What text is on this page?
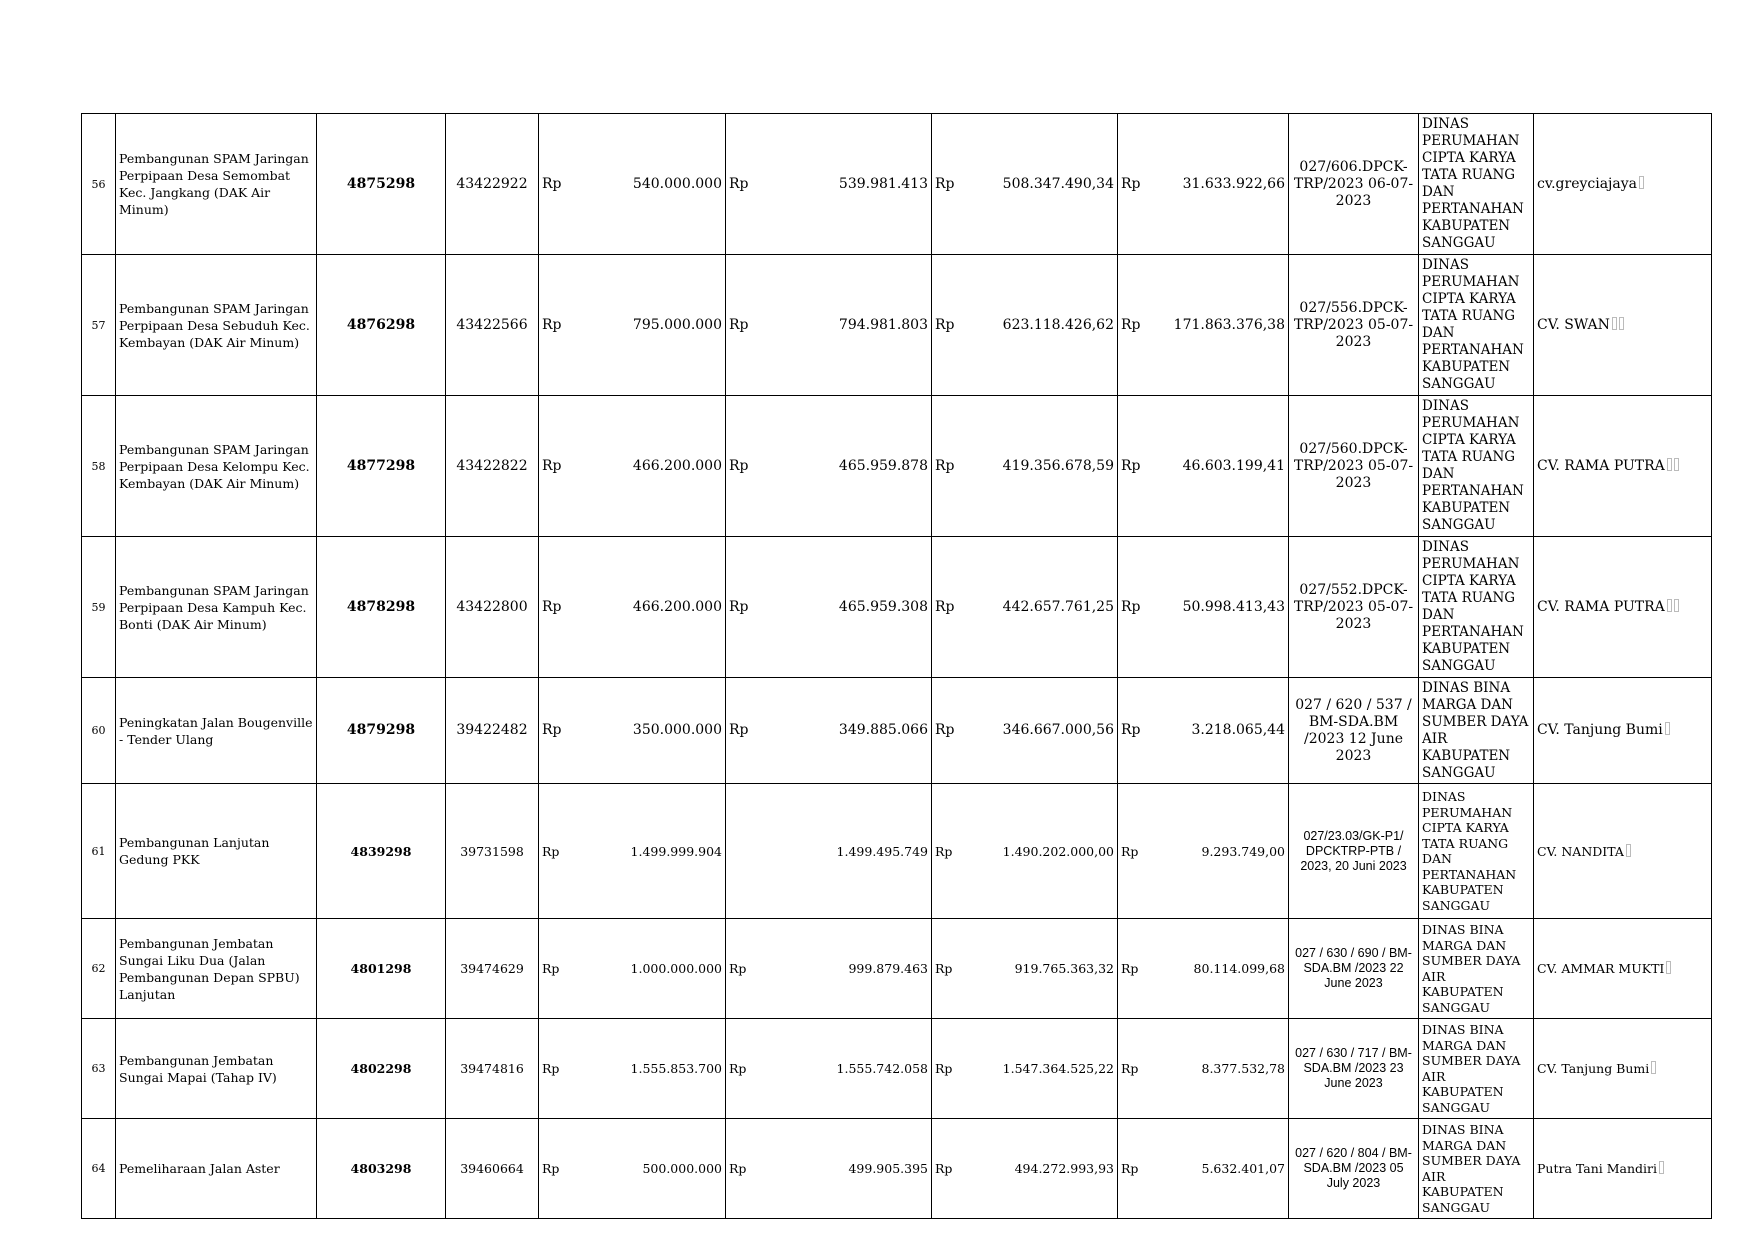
56	Pembangunan SPAM Jaringan Perpipaan Desa Semombat Kec. Jangkang (DAK Air Minum)	4875298	43422922	Rp	540.000.000	Rp	539.981.413	Rp	508.347.490,34	Rp	31.633.922,66	027/606.DPCK-TRP/2023 06-07-2023	DINAS PERUMAHAN CIPTA KARYA TATA RUANG DAN PERTANAHAN KABUPATEN SANGGAU	cv.greyciajaya
57	Pembangunan SPAM Jaringan Perpipaan Desa Sebuduh Kec. Kembayan (DAK Air Minum)	4876298	43422566	Rp	795.000.000	Rp	794.981.803	Rp	623.118.426,62	Rp	171.863.376,38	027/556.DPCK-TRP/2023 05-07-2023	DINAS PERUMAHAN CIPTA KARYA TATA RUANG DAN PERTANAHAN KABUPATEN SANGGAU	CV. SWAN
58	Pembangunan SPAM Jaringan Perpipaan Desa Kelompu Kec. Kembayan (DAK Air Minum)	4877298	43422822	Rp	466.200.000	Rp	465.959.878	Rp	419.356.678,59	Rp	46.603.199,41	027/560.DPCK-TRP/2023 05-07-2023	DINAS PERUMAHAN CIPTA KARYA TATA RUANG DAN PERTANAHAN KABUPATEN SANGGAU	CV. RAMA PUTRA
59	Pembangunan SPAM Jaringan Perpipaan Desa Kampuh Kec. Bonti (DAK Air Minum)	4878298	43422800	Rp	466.200.000	Rp	465.959.308	Rp	442.657.761,25	Rp	50.998.413,43	027/552.DPCK-TRP/2023 05-07-2023	DINAS PERUMAHAN CIPTA KARYA TATA RUANG DAN PERTANAHAN KABUPATEN SANGGAU	CV. RAMA PUTRA
60	Peningkatan Jalan Bougenville - Tender Ulang	4879298	39422482	Rp	350.000.000	Rp	349.885.066	Rp	346.667.000,56	Rp	3.218.065,44	027 / 620 / 537 / BM-SDA.BM /2023 12 June 2023	DINAS BINA MARGA DAN SUMBER DAYA AIR KABUPATEN SANGGAU	CV. Tanjung Bumi
61	Pembangunan Lanjutan Gedung PKK	4839298	39731598	Rp	1.499.999.904		1.499.495.749	Rp	1.490.202.000,00	Rp	9.293.749,00	027/23.03/GK-P1/ DPCKTRP-PTB / 2023, 20 Juni 2023	DINAS PERUMAHAN CIPTA KARYA TATA RUANG DAN PERTANAHAN KABUPATEN SANGGAU	CV. NANDITA
62	Pembangunan Jembatan Sungai Liku Dua (Jalan Pembangunan Depan SPBU) Lanjutan	4801298	39474629	Rp	1.000.000.000	Rp	999.879.463	Rp	919.765.363,32	Rp	80.114.099,68	027 / 630 / 690 / BM-SDA.BM /2023 22 June 2023	DINAS BINA MARGA DAN SUMBER DAYA AIR KABUPATEN SANGGAU	CV. AMMAR MUKTI
63	Pembangunan Jembatan Sungai Mapai (Tahap IV)	4802298	39474816	Rp	1.555.853.700	Rp	1.555.742.058	Rp	1.547.364.525,22	Rp	8.377.532,78	027 / 630 / 717 / BM-SDA.BM /2023 23 June 2023	DINAS BINA MARGA DAN SUMBER DAYA AIR KABUPATEN SANGGAU	CV. Tanjung Bumi
64	Pemeliharaan Jalan Aster	4803298	39460664	Rp	500.000.000	Rp	499.905.395	Rp	494.272.993,93	Rp	5.632.401,07	027 / 620 / 804 / BM-SDA.BM /2023 05 July 2023	DINAS BINA MARGA DAN SUMBER DAYA AIR KABUPATEN SANGGAU	Putra Tani Mandiri
